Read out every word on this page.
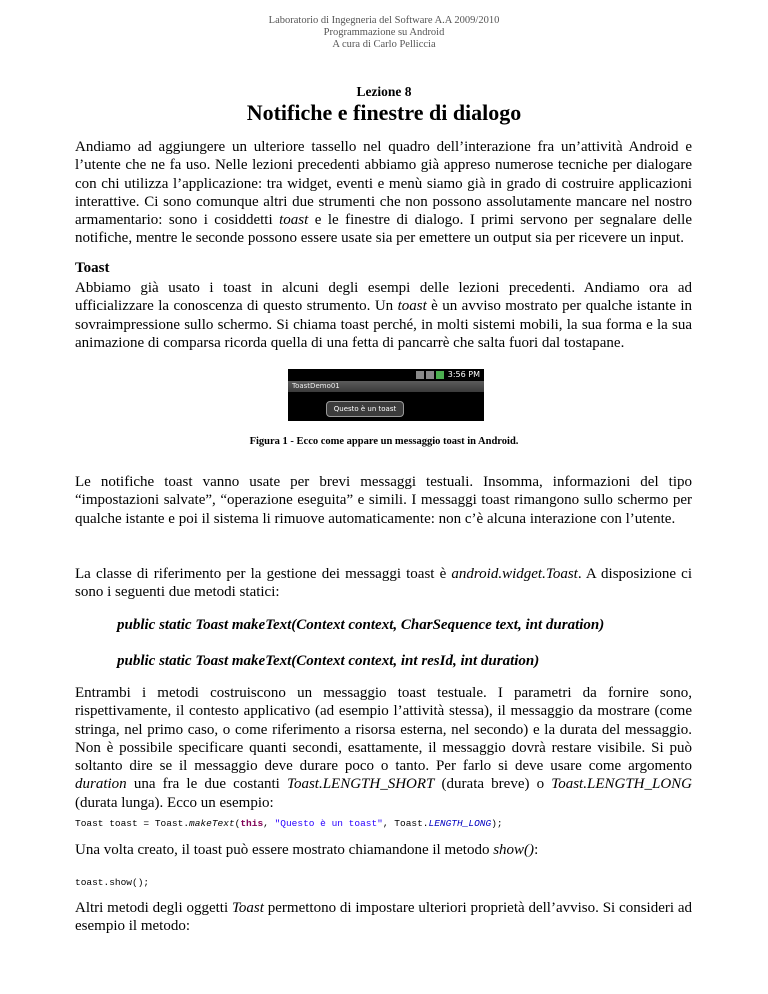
Laboratorio di Ingegneria del Software A.A 2009/2010
Programmazione su Android
A cura di Carlo Pelliccia
Lezione 8
Notifiche e finestre di dialogo

Andiamo ad aggiungere un ulteriore tassello nel quadro dell’interazione fra un’attività Android e l’utente che ne fa uso. Nelle lezioni precedenti abbiamo già appreso numerose tecniche per dialogare con chi utilizza l’applicazione: tra widget, eventi e menù siamo già in grado di costruire applicazioni interattive. Ci sono comunque altri due strumenti che non possono assolutamente mancare nel nostro armamentario: sono i cosiddetti toast e le finestre di dialogo. I primi servono per segnalare delle notifiche, mentre le seconde possono essere usate sia per emettere un output sia per ricevere un input.

Toast

Abbiamo già usato i toast in alcuni degli esempi delle lezioni precedenti. Andiamo ora ad ufficializzare la conoscenza di questo strumento. Un toast è un avviso mostrato per qualche istante in sovraimpressione sullo schermo. Si chiama toast perché, in molti sistemi mobili, la sua forma e la sua animazione di comparsa ricorda quella di una fetta di pancarrè che salta fuori dal tostapane.

3:56 PM
ToastDemo01
Questo è un toast
Figura 1 - Ecco come appare un messaggio toast in Android.

Le notifiche toast vanno usate per brevi messaggi testuali. Insomma, informazioni del tipo “impostazioni salvate”, “operazione eseguita” e simili. I messaggi toast rimangono sullo schermo per qualche istante e poi il sistema li rimuove automaticamente: non c’è alcuna interazione con l’utente.

La classe di riferimento per la gestione dei messaggi toast è android.widget.Toast. A disposizione ci sono i seguenti due metodi statici:

public static Toast makeText(Context context, CharSequence text, int duration)
public static Toast makeText(Context context, int resId, int duration)

Entrambi i metodi costruiscono un messaggio toast testuale. I parametri da fornire sono, rispettivamente, il contesto applicativo (ad esempio l’attività stessa), il messaggio da mostrare (come stringa, nel primo caso, o come riferimento a risorsa esterna, nel secondo) e la durata del messaggio. Non è possibile specificare quanti secondi, esattamente, il messaggio dovrà restare visibile. Si può soltanto dire se il messaggio deve durare poco o tanto. Per farlo si deve usare come argomento duration una fra le due costanti Toast.LENGTH_SHORT (durata breve) o Toast.LENGTH_LONG (durata lunga). Ecco un esempio:

Toast toast = Toast.makeText(this, "Questo è un toast", Toast.LENGTH_LONG);

Una volta creato, il toast può essere mostrato chiamandone il metodo show():

toast.show();

Altri metodi degli oggetti Toast permettono di impostare ulteriori proprietà dell’avviso. Si consideri ad esempio il metodo:
